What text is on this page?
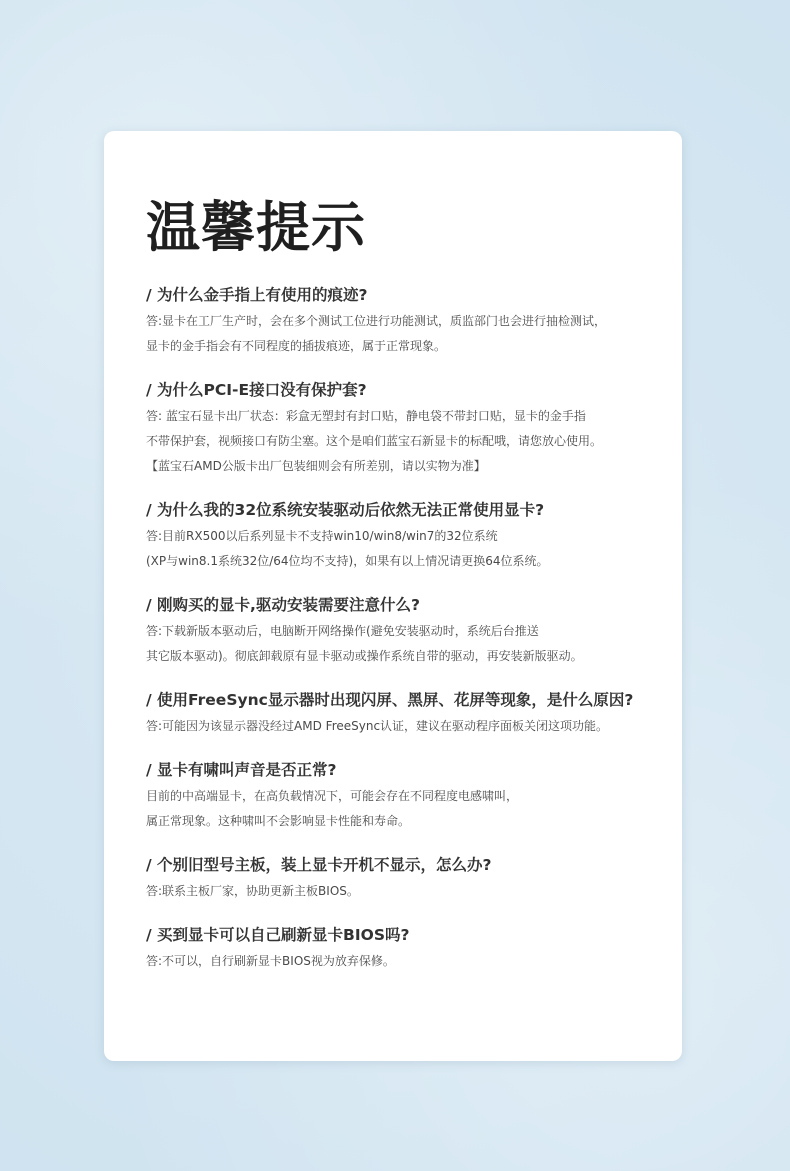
温馨提示

/ 为什么金手指上有使用的痕迹?

答:显卡在工厂生产时，会在多个测试工位进行功能测试，质监部门也会进行抽检测试，

显卡的金手指会有不同程度的插拔痕迹，属于正常现象。

/ 为什么PCI-E接口没有保护套?

答: 蓝宝石显卡出厂状态：彩盒无塑封有封口贴，静电袋不带封口贴，显卡的金手指

不带保护套，视频接口有防尘塞。这个是咱们蓝宝石新显卡的标配哦，请您放心使用。

【蓝宝石AMD公版卡出厂包装细则会有所差别，请以实物为准】

/ 为什么我的32位系统安装驱动后依然无法正常使用显卡?

答:目前RX500以后系列显卡不支持win10/win8/win7的32位系统

(XP与win8.1系统32位/64位均不支持)，如果有以上情况请更换64位系统。

/ 刚购买的显卡,驱动安装需要注意什么?

答:下载新版本驱动后，电脑断开网络操作(避免安装驱动时，系统后台推送

其它版本驱动)。彻底卸载原有显卡驱动或操作系统自带的驱动，再安装新版驱动。

/ 使用FreeSync显示器时出现闪屏、黑屏、花屏等现象，是什么原因?

答:可能因为该显示器没经过AMD FreeSync认证，建议在驱动程序面板关闭这项功能。

/ 显卡有啸叫声音是否正常?

目前的中高端显卡，在高负载情况下，可能会存在不同程度电感啸叫，

属正常现象。这种啸叫不会影响显卡性能和寿命。

/ 个别旧型号主板，装上显卡开机不显示，怎么办?

答:联系主板厂家，协助更新主板BIOS。

/ 买到显卡可以自己刷新显卡BIOS吗?

答:不可以，自行刷新显卡BIOS视为放弃保修。
